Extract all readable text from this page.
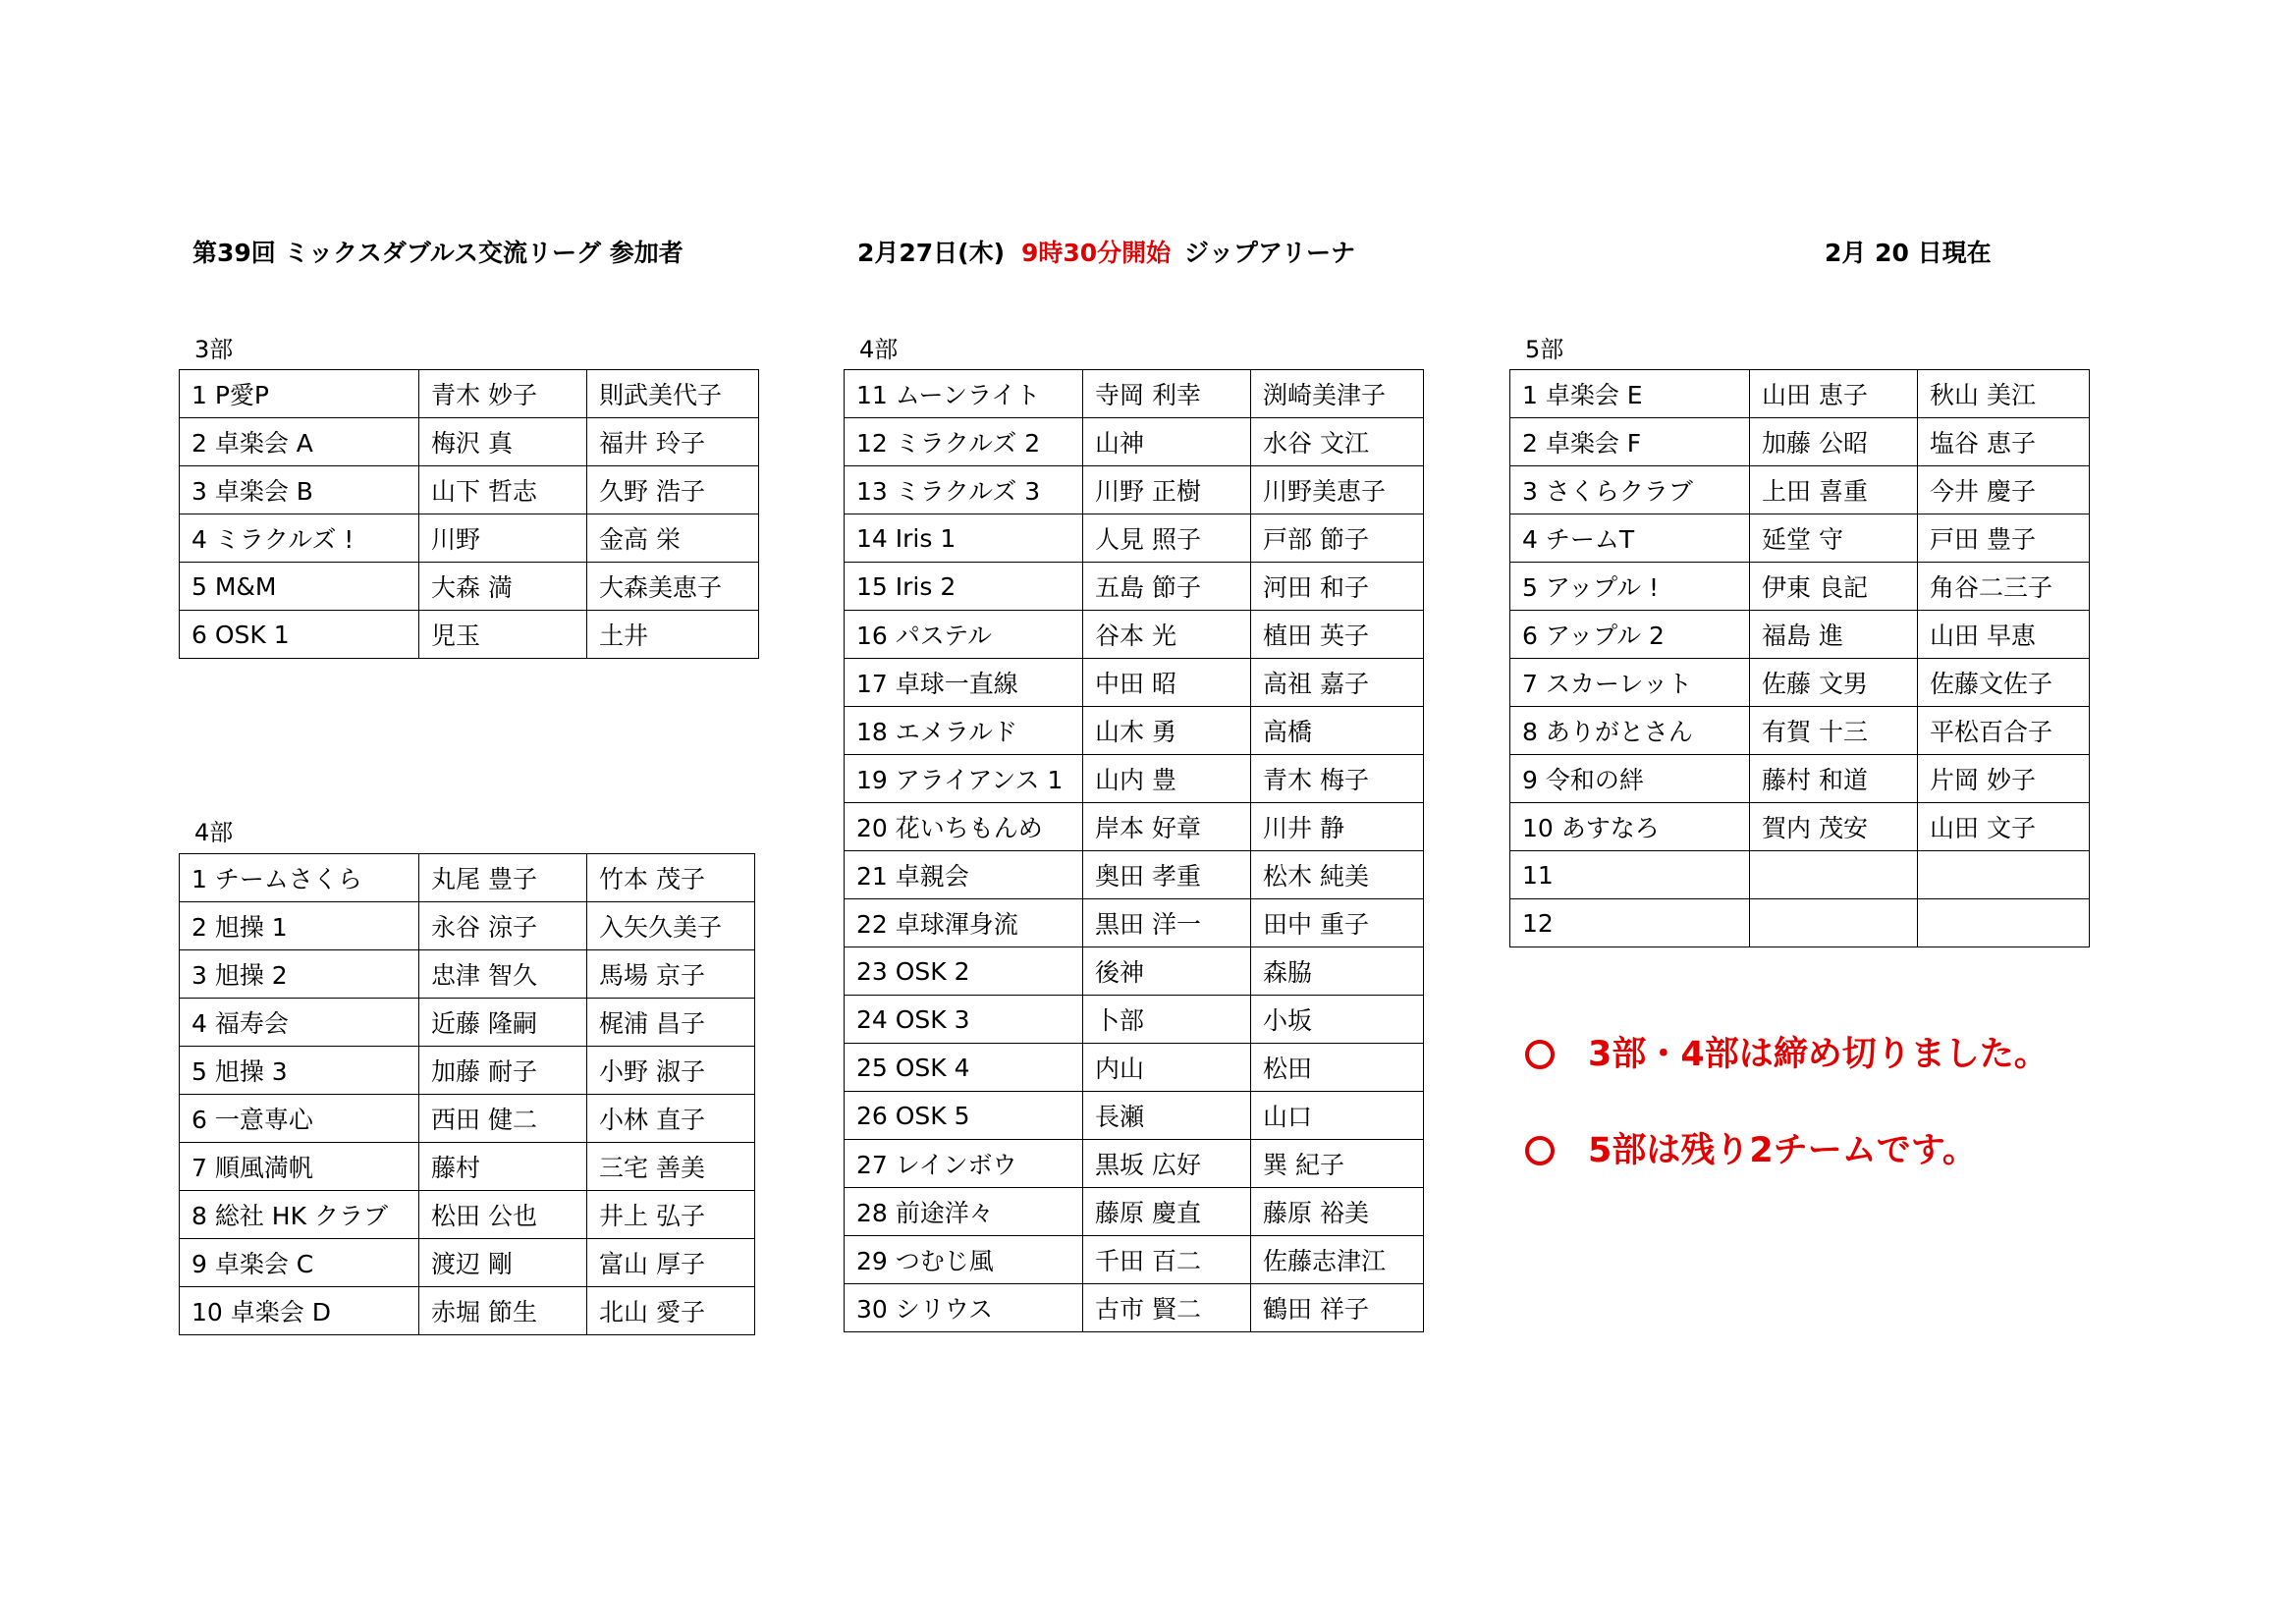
第39回 ミックスダブルス交流リーグ 参加者	2月27日(木) 9時30分開始 ジップアリーナ	2月 20 日現在
3部
4部
4部	5部
1 P愛P	青木 妙子	則武美代子
2 卓楽会 A	梅沢 真	福井 玲子
3 卓楽会 B	山下 哲志	久野 浩子
4 ミラクルズ !	川野	金高 栄
5 M&M	大森 満	大森美恵子
6 OSK 1	児玉	土井
1 チームさくら	丸尾 豊子	竹本 茂子
2 旭操 1	永谷 涼子	入矢久美子
3 旭操 2	忠津 智久	馬場 京子
4 福寿会	近藤 隆嗣	梶浦 昌子
5 旭操 3	加藤 耐子	小野 淑子
6 一意専心	西田 健二	小林 直子
7 順風満帆	藤村	三宅 善美
8 総社 HK クラブ	松田 公也	井上 弘子
9 卓楽会 C	渡辺 剛	富山 厚子
10 卓楽会 D	赤堀 節生	北山 愛子
11 ムーンライト	寺岡 利幸	渕崎美津子
12 ミラクルズ 2	山神	水谷 文江
13 ミラクルズ 3	川野 正樹	川野美恵子
14 Iris 1	人見 照子	戸部 節子
15 Iris 2	五島 節子	河田 和子
16 パステル	谷本 光	植田 英子
17 卓球一直線	中田 昭	高祖 嘉子
18 エメラルド	山木 勇	高橋
19 アライアンス 1	山内 豊	青木 梅子
20 花いちもんめ	岸本 好章	川井 静
21 卓親会	奥田 孝重	松木 純美
22 卓球渾身流	黒田 洋一	田中 重子
23 OSK 2	後神	森脇
24 OSK 3	卜部	小坂
25 OSK 4	内山	松田
26 OSK 5	長瀬	山口
27 レインボウ	黒坂 広好	巽 紀子
28 前途洋々	藤原 慶直	藤原 裕美
29 つむじ風	千田 百二	佐藤志津江
30 シリウス	古市 賢二	鶴田 祥子
1 卓楽会 E	山田 恵子	秋山 美江
2 卓楽会 F	加藤 公昭	塩谷 恵子
3 さくらクラブ	上田 喜重	今井 慶子
4 チームT	延堂 守	戸田 豊子
5 アップル !	伊東 良記	角谷二三子
6 アップル 2	福島 進	山田 早恵
7 スカーレット	佐藤 文男	佐藤文佐子
8 ありがとさん	有賀 十三	平松百合子
9 令和の絆	藤村 和道	片岡 妙子
10 あすなろ	賀内 茂安	山田 文子
11		
12		
3部・4部は締め切りました。
5部は残り2チームです。
